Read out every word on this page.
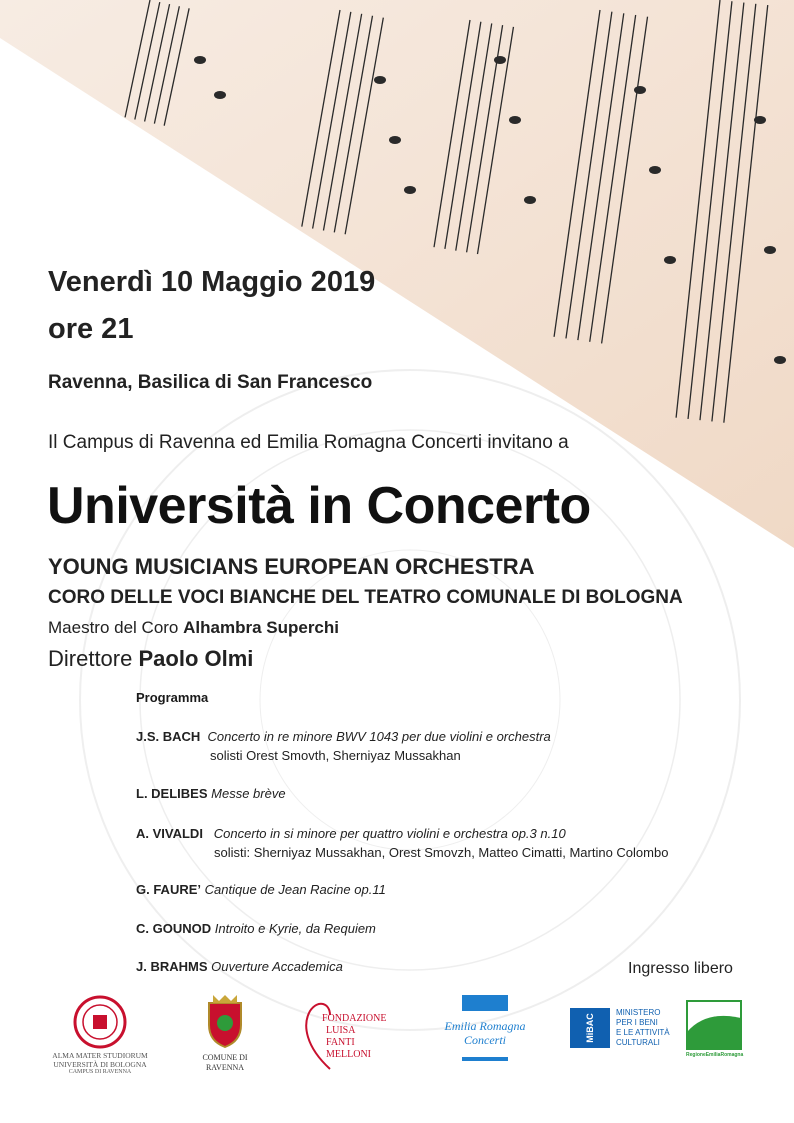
Venerdì 10 Maggio 2019
ore 21
Ravenna, Basilica di San Francesco
Il Campus di Ravenna ed Emilia Romagna Concerti invitano a
Università in Concerto
YOUNG MUSICIANS EUROPEAN ORCHESTRA
CORO DELLE VOCI BIANCHE DEL TEATRO COMUNALE DI BOLOGNA
Maestro del Coro Alhambra Superchi
Direttore Paolo Olmi
Programma
J.S. BACH Concerto in re minore BWV 1043 per due violini e orchestra
solisti Orest Smovth, Sherniyaz Mussakhan
L. DELIBES Messe brève
A. VIVALDI Concerto in si minore per quattro violini e orchestra op.3 n.10
solisti: Sherniyaz Mussakhan, Orest Smovzh, Matteo Cimatti, Martino Colombo
G. FAURE’ Cantique de Jean Racine op.11
C. GOUNOD Introito e Kyrie, da Requiem
J. BRAHMS Ouverture Accademica	Ingresso libero
ALMA MATER STUDIORUM
UNIVERSITÀ DI BOLOGNA
CAMPUS DI RAVENNA
COMUNE DI
RAVENNA
FONDAZIONE
LUISA
FANTI
MELLONI
Emilia Romagna
Concerti	MiBAC
MINISTERO
PER I BENI
E LE ATTIVITÀ
CULTURALI
RegioneEmiliaRomagna
